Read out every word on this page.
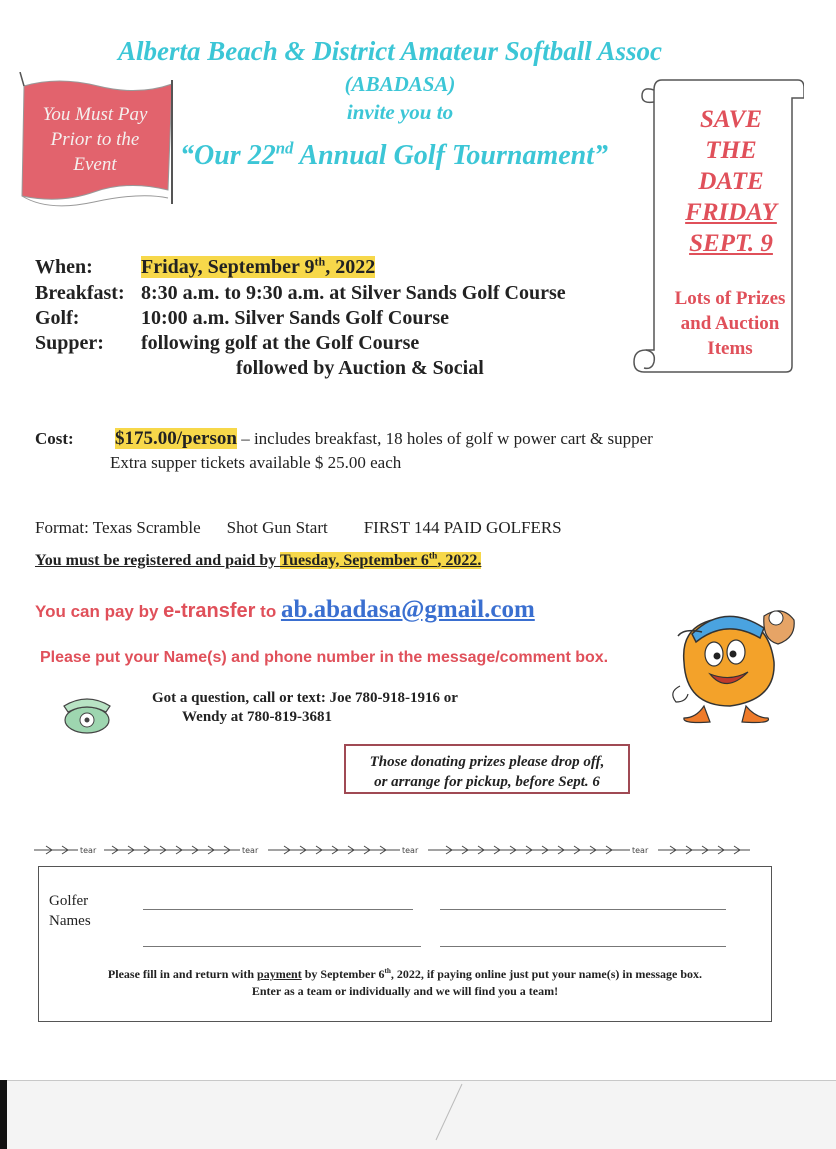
Alberta Beach & District Amateur Softball Assoc
(ABADASA)
invite you to
“Our 22nd Annual Golf Tournament”
You Must Pay
Prior to the
Event
SAVE
THE
DATE
FRIDAY
SEPT. 9
Lots of Prizes
and Auction
Items
When: Friday, September 9th, 2022
Breakfast: 8:30 a.m. to 9:30 a.m. at Silver Sands Golf Course
Golf:	10:00 a.m. Silver Sands Golf Course
Supper: following golf at the Golf Course
followed by Auction & Social
Cost: $175.00/person – includes breakfast, 18 holes of golf w power cart & supper
Extra supper tickets available $ 25.00 each
Format: Texas Scramble Shot Gun Start FIRST 144 PAID GOLFERS
You must be registered and paid by Tuesday, September 6th, 2022.
You can pay by e-transfer to ab.abadasa@gmail.com
Please put your Name(s) and phone number in the message/comment box.
Got a question, call or text: Joe 780-918-1916 or
Wendy at 780-819-3681
Those donating prizes please drop off,
or arrange for pickup, before Sept. 6
tear	tear	tear	tear
Golfer
Names
Please fill in and return with payment by September 6th, 2022, if paying online just put your name(s) in message box.
Enter as a team or individually and we will find you a team!
